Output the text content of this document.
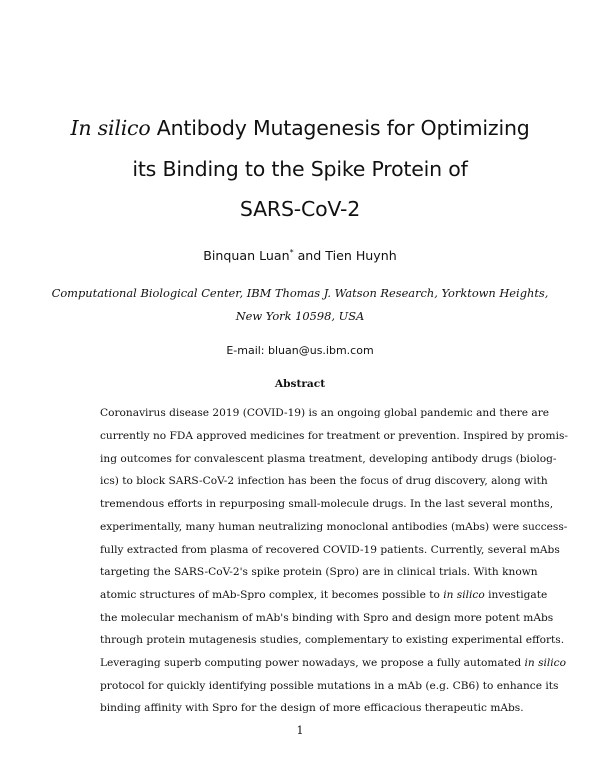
In silico Antibody Mutagenesis for Optimizing
its Binding to the Spike Protein of
SARS-CoV-2
Binquan Luan* and Tien Huynh
Computational Biological Center, IBM Thomas J. Watson Research, Yorktown Heights,
New York 10598, USA
E-mail: bluan@us.ibm.com
Abstract
Coronavirus disease 2019 (COVID-19) is an ongoing global pandemic and there are
currently no FDA approved medicines for treatment or prevention. Inspired by promis-
ing outcomes for convalescent plasma treatment, developing antibody drugs (biolog-
ics) to block SARS-CoV-2 infection has been the focus of drug discovery, along with
tremendous efforts in repurposing small-molecule drugs. In the last several months,
experimentally, many human neutralizing monoclonal antibodies (mAbs) were success-
fully extracted from plasma of recovered COVID-19 patients. Currently, several mAbs
targeting the SARS-CoV-2's spike protein (Spro) are in clinical trials. With known
atomic structures of mAb-Spro complex, it becomes possible to in silico investigate
the molecular mechanism of mAb's binding with Spro and design more potent mAbs
through protein mutagenesis studies, complementary to existing experimental efforts.
Leveraging superb computing power nowadays, we propose a fully automated in silico
protocol for quickly identifying possible mutations in a mAb (e.g. CB6) to enhance its
binding affinity with Spro for the design of more efficacious therapeutic mAbs.
1
